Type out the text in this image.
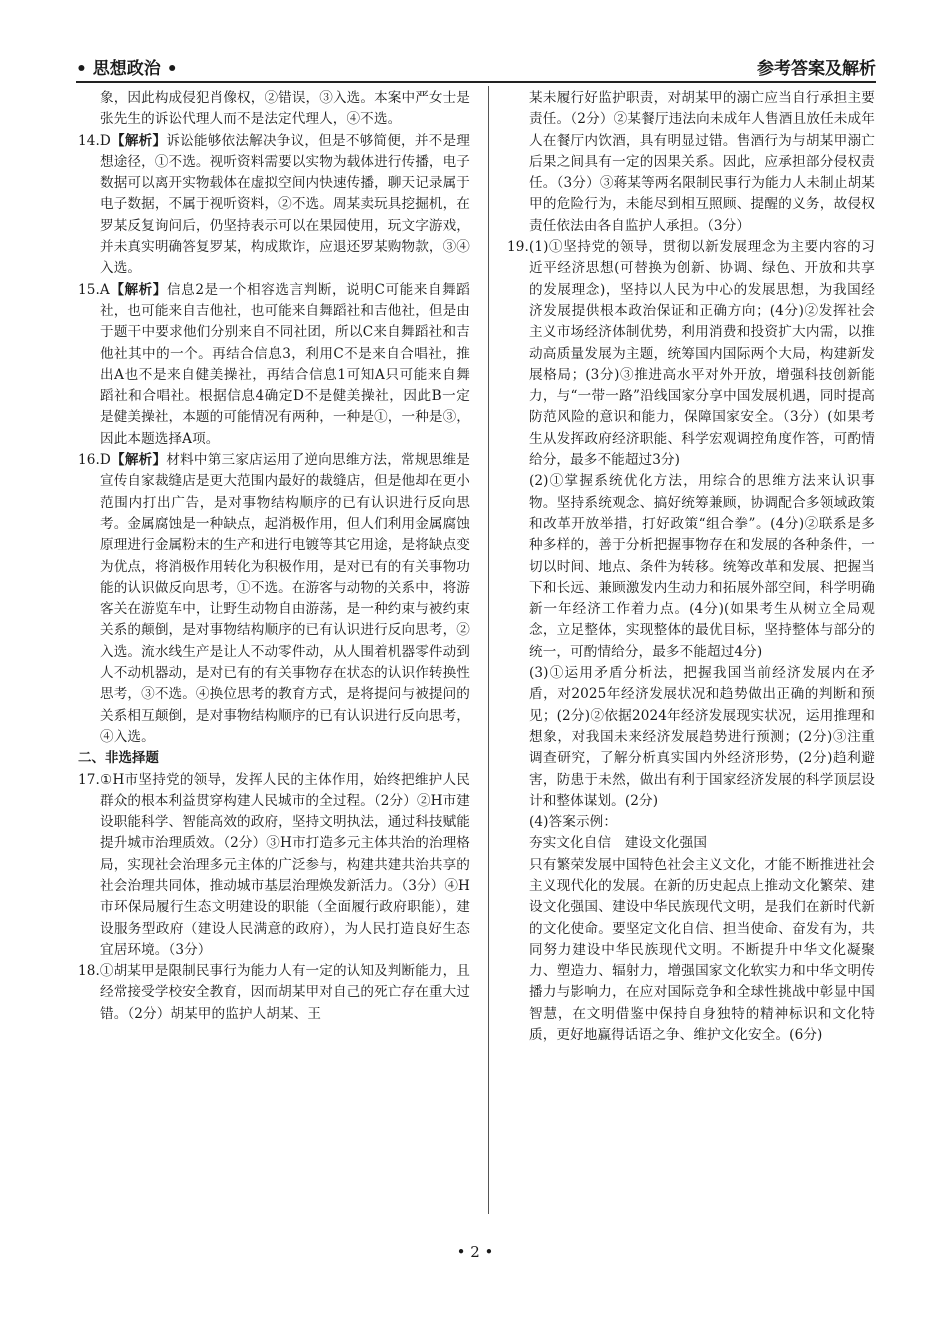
• 思想政治 •	参考答案及解析

象，因此构成侵犯肖像权，②错误，③入选。本案中严女士是张先生的诉讼代理人而不是法定代理人，④不选。

14.D【解析】诉讼能够依法解决争议，但是不够简便，并不是理想途径，①不选。视听资料需要以实物为载体进行传播，电子数据可以离开实物载体在虚拟空间内快速传播，聊天记录属于电子数据，不属于视听资料，②不选。周某卖玩具挖掘机，在罗某反复询问后，仍坚持表示可以在果园使用，玩文字游戏，并未真实明确答复罗某，构成欺诈，应退还罗某购物款，③④入选。

15.A【解析】信息2是一个相容选言判断，说明C可能来自舞蹈社，也可能来自吉他社，也可能来自舞蹈社和吉他社，但是由于题干中要求他们分别来自不同社团，所以C来自舞蹈社和吉他社其中的一个。再结合信息3，利用C不是来自合唱社，推出A也不是来自健美操社，再结合信息1可知A只可能来自舞蹈社和合唱社。根据信息4确定D不是健美操社，因此B一定是健美操社，本题的可能情况有两种，一种是①，一种是③，因此本题选择A项。

16.D【解析】材料中第三家店运用了逆向思维方法，常规思维是宣传自家裁缝店是更大范围内最好的裁缝店，但是他却在更小范围内打出广告，是对事物结构顺序的已有认识进行反向思考。金属腐蚀是一种缺点，起消极作用，但人们利用金属腐蚀原理进行金属粉末的生产和进行电镀等其它用途，是将缺点变为优点，将消极作用转化为积极作用，是对已有的有关事物功能的认识做反向思考，①不选。在游客与动物的关系中，将游客关在游览车中，让野生动物自由游荡，是一种约束与被约束关系的颠倒，是对事物结构顺序的已有认识进行反向思考，②入选。流水线生产是让人不动零件动，从人围着机器零件动到人不动机器动，是对已有的有关事物存在状态的认识作转换性思考，③不选。④换位思考的教育方式，是将提问与被提问的关系相互颠倒，是对事物结构顺序的已有认识进行反向思考，④入选。

二、非选择题

17.①H市坚持党的领导，发挥人民的主体作用，始终把维护人民群众的根本利益贯穿构建人民城市的全过程。（2分）②H市建设职能科学、智能高效的政府，坚持文明执法，通过科技赋能提升城市治理质效。（2分）③H市打造多元主体共治的治理格局，实现社会治理多元主体的广泛参与，构建共建共治共享的社会治理共同体，推动城市基层治理焕发新活力。（3分）④H市环保局履行生态文明建设的职能（全面履行政府职能），建设服务型政府（建设人民满意的政府），为人民打造良好生态宜居环境。（3分）

18.①胡某甲是限制民事行为能力人有一定的认知及判断能力，且经常接受学校安全教育，因而胡某甲对自己的死亡存在重大过错。（2分）胡某甲的监护人胡某、王

某未履行好监护职责，对胡某甲的溺亡应当自行承担主要责任。（2分）②某餐厅违法向未成年人售酒且放任未成年人在餐厅内饮酒，具有明显过错。售酒行为与胡某甲溺亡后果之间具有一定的因果关系。因此，应承担部分侵权责任。（3分）③蒋某等两名限制民事行为能力人未制止胡某甲的危险行为，未能尽到相互照顾、提醒的义务，故侵权责任依法由各自监护人承担。（3分）

19.(1)①坚持党的领导，贯彻以新发展理念为主要内容的习近平经济思想(可替换为创新、协调、绿色、开放和共享的发展理念)，坚持以人民为中心的发展思想，为我国经济发展提供根本政治保证和正确方向；(4分)②发挥社会主义市场经济体制优势，利用消费和投资扩大内需，以推动高质量发展为主题，统筹国内国际两个大局，构建新发展格局；(3分)③推进高水平对外开放，增强科技创新能力，与“一带一路”沿线国家分享中国发展机遇，同时提高防范风险的意识和能力，保障国家安全。（3分）(如果考生从发挥政府经济职能、科学宏观调控角度作答，可酌情给分，最多不能超过3分)

(2)①掌握系统优化方法，用综合的思维方法来认识事物。坚持系统观念、搞好统筹兼顾，协调配合多领域政策和改革开放举措，打好政策“组合拳”。(4分)②联系是多种多样的，善于分析把握事物存在和发展的各种条件，一切以时间、地点、条件为转移。统筹改革和发展、把握当下和长远、兼顾激发内生动力和拓展外部空间，科学明确新一年经济工作着力点。(4分)(如果考生从树立全局观念，立足整体，实现整体的最优目标，坚持整体与部分的统一，可酌情给分，最多不能超过4分)

(3)①运用矛盾分析法，把握我国当前经济发展内在矛盾，对2025年经济发展状况和趋势做出正确的判断和预见；(2分)②依据2024年经济发展现实状况，运用推理和想象，对我国未来经济发展趋势进行预测；(2分)③注重调查研究，了解分析真实国内外经济形势，(2分)趋利避害，防患于未然，做出有利于国家经济发展的科学顶层设计和整体谋划。(2分)

(4)答案示例：

夯实文化自信　建设文化强国

只有繁荣发展中国特色社会主义文化，才能不断推进社会主义现代化的发展。在新的历史起点上推动文化繁荣、建设文化强国、建设中华民族现代文明，是我们在新时代新的文化使命。要坚定文化自信、担当使命、奋发有为，共同努力建设中华民族现代文明。不断提升中华文化凝聚力、塑造力、辐射力，增强国家文化软实力和中华文明传播力与影响力，在应对国际竞争和全球性挑战中彰显中国智慧，在文明借鉴中保持自身独特的精神标识和文化特质，更好地赢得话语之争、维护文化安全。(6分)

• 2 •
